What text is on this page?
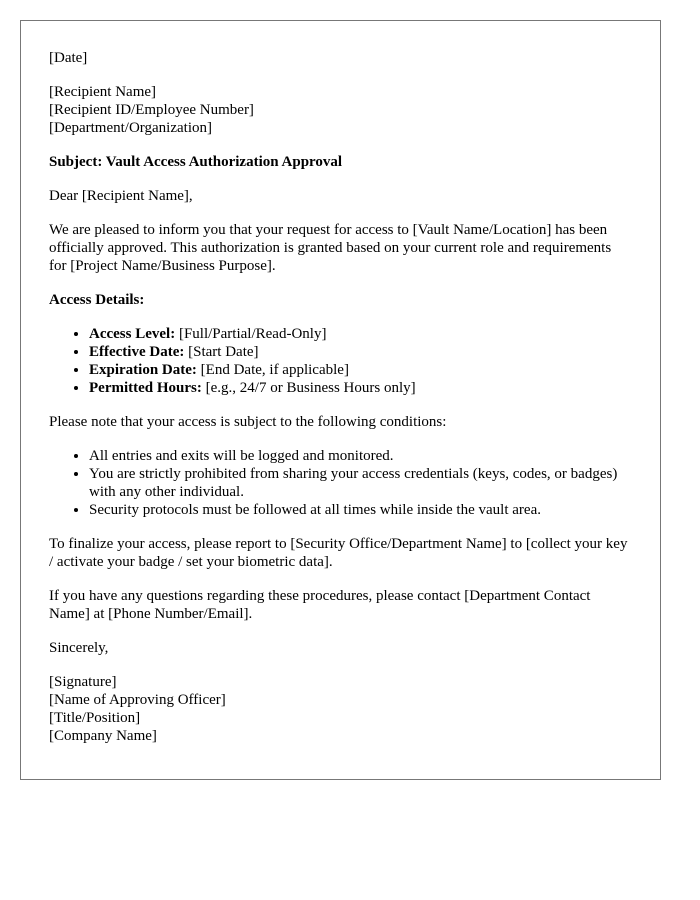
[Date]

[Recipient Name]
[Recipient ID/Employee Number]
[Department/Organization]

Subject: Vault Access Authorization Approval

Dear [Recipient Name],

We are pleased to inform you that your request for access to [Vault Name/Location] has been officially approved. This authorization is granted based on your current role and requirements for [Project Name/Business Purpose].

Access Details:

• Access Level: [Full/Partial/Read-Only]
• Effective Date: [Start Date]
• Expiration Date: [End Date, if applicable]
• Permitted Hours: [e.g., 24/7 or Business Hours only]

Please note that your access is subject to the following conditions:

• All entries and exits will be logged and monitored.
• You are strictly prohibited from sharing your access credentials (keys, codes, or badges) with any other individual.
• Security protocols must be followed at all times while inside the vault area.

To finalize your access, please report to [Security Office/Department Name] to [collect your key / activate your badge / set your biometric data].

If you have any questions regarding these procedures, please contact [Department Contact Name] at [Phone Number/Email].

Sincerely,

[Signature]
[Name of Approving Officer]
[Title/Position]
[Company Name]
